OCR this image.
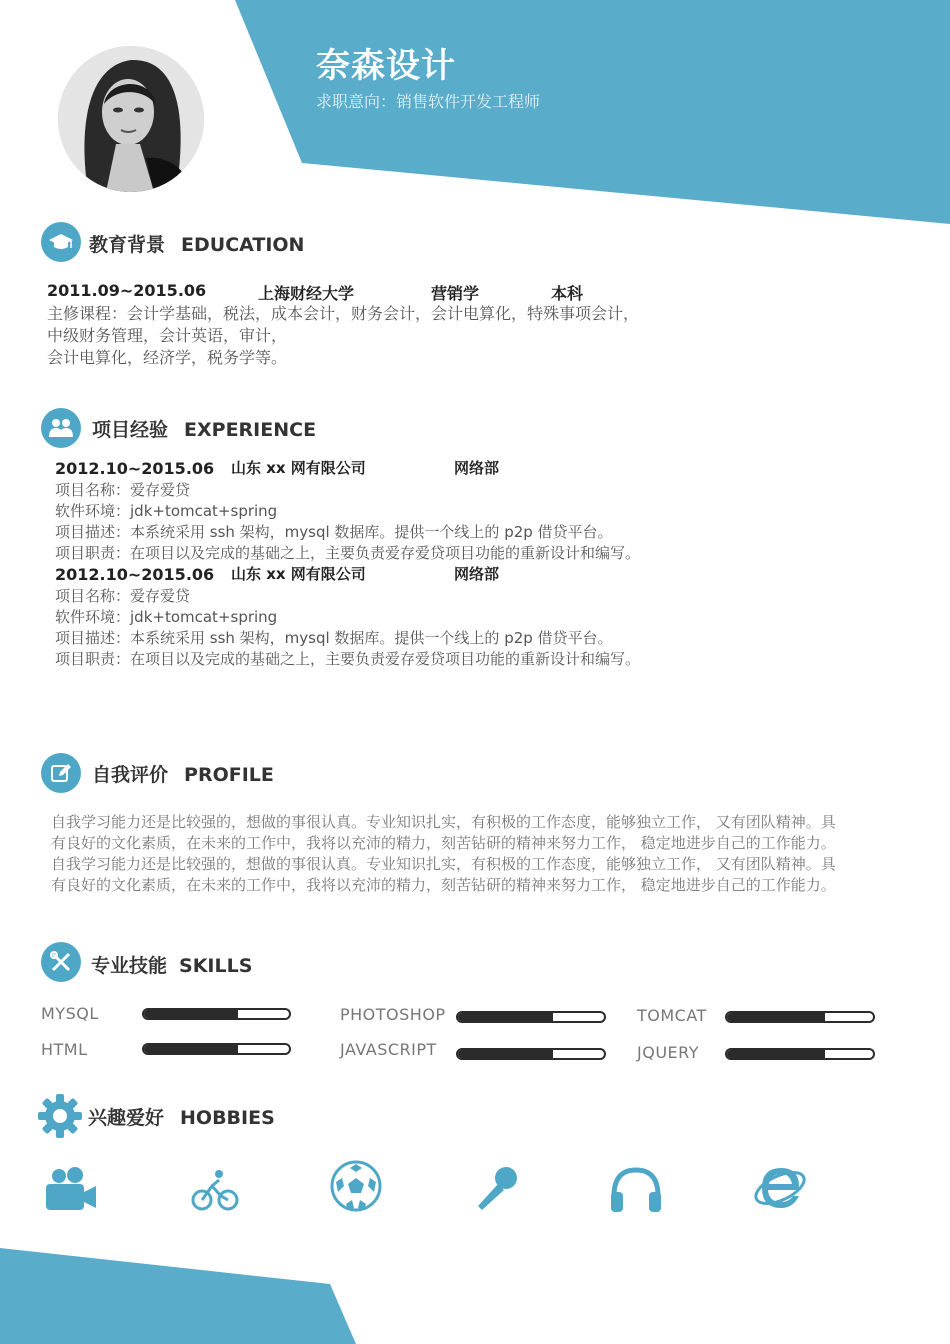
奈森设计
求职意向：销售软件开发工程师
教育背景 EDUCATION
2011.09~2015.06	上海财经大学	营销学	本科
主修课程：会计学基础，税法，成本会计，财务会计，会计电算化，特殊事项会计，
中级财务管理，会计英语，审计，
会计电算化，经济学，税务学等。
项目经验 EXPERIENCE
2012.10~2015.06 山东 xx 网有限公司	网络部
项目名称：爱存爱贷
软件环境：jdk+tomcat+spring
项目描述：本系统采用 ssh 架构，mysql 数据库。提供一个线上的 p2p 借贷平台。
项目职责：在项目以及完成的基础之上，主要负责爱存爱贷项目功能的重新设计和编写。
2012.10~2015.06 山东 xx 网有限公司	网络部
项目名称：爱存爱贷
软件环境：jdk+tomcat+spring
项目描述：本系统采用 ssh 架构，mysql 数据库。提供一个线上的 p2p 借贷平台。
项目职责：在项目以及完成的基础之上，主要负责爱存爱贷项目功能的重新设计和编写。
自我评价 PROFILE
自我学习能力还是比较强的，想做的事很认真。专业知识扎实，有积极的工作态度，能够独立工作， 又有团队精神。具
有良好的文化素质，在未来的工作中，我将以充沛的精力，刻苦钻研的精神来努力工作， 稳定地进步自己的工作能力。
自我学习能力还是比较强的，想做的事很认真。专业知识扎实，有积极的工作态度，能够独立工作， 又有团队精神。具
有良好的文化素质，在未来的工作中，我将以充沛的精力，刻苦钻研的精神来努力工作， 稳定地进步自己的工作能力。
专业技能 SKILLS
MYSQL	PHOTOSHOP	TOMCAT
HTML	JAVASCRIPT	JQUERY
兴趣爱好 HOBBIES
